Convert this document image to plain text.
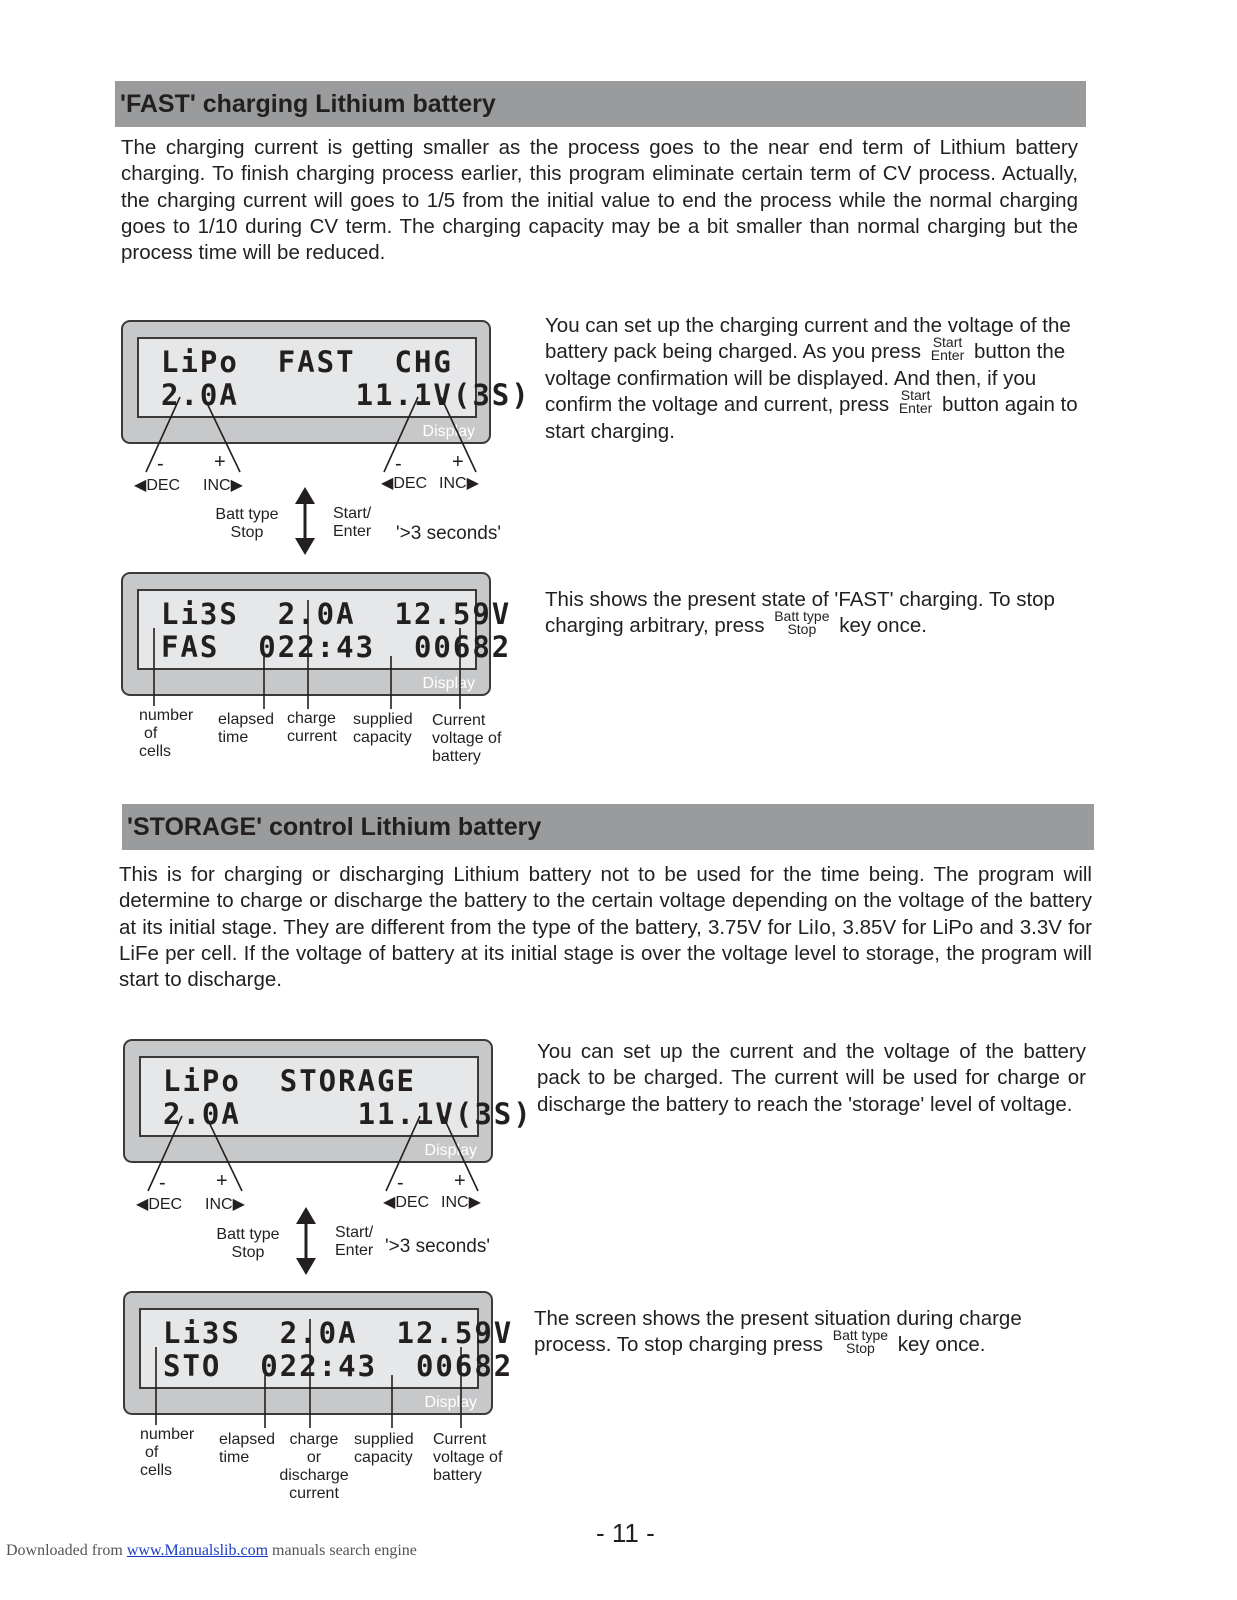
'FAST' charging Lithium battery
The charging current is getting smaller as the process goes to the near end term of Lithium battery charging. To finish charging process earlier, this program eliminate certain term of CV process. Actually, the charging current will goes to 1/5 from the initial value to end the process while the normal charging goes to 1/10 during CV term. The charging capacity may be a bit smaller than normal charging but the process time will be reduced.
LiPo  FAST  CHG
2.0A      11.1V(3S)
Display
-	+
◀DEC INC▶
-	+
◀DEC INC▶
Batt type
Stop
Start/
Enter '>3 seconds'
Li3S  2.0A  12.59V
FAS  022:43  00682
Display
number
of
cells
elapsed
time
charge
current
supplied
capacity
Current
voltage of
battery
You can set up the charging current and the voltage of the battery pack being charged. As you press Start
Enter button the voltage confirmation will be displayed. And then, if you confirm the voltage and current, press Start
Enter button again to start charging.
This shows the present state of 'FAST' charging. To stop charging arbitrary, press Batt type
Stop key once.
'STORAGE' control Lithium battery
This is for charging or discharging Lithium battery not to be used for the time being. The program will determine to charge or discharge the battery to the certain voltage depending on the voltage of the battery at its initial stage. They are different from the type of the battery, 3.75V for LiIo, 3.85V for LiPo and 3.3V for LiFe per cell. If the voltage of battery at its initial stage is over the voltage level to storage, the program will start to discharge.
LiPo  STORAGE
2.0A      11.1V(3S)
Display
-	+
◀DEC INC▶
-	+
◀DEC INC▶
Batt type
Stop
Start/
Enter '>3 seconds'
Li3S  2.0A  12.59V
STO  022:43  00682
Display
number
of
cells
elapsed
time
charge
or
discharge
current
supplied
capacity
Current
voltage of
battery
You can set up the current and the voltage of the battery pack to be charged. The current will be used for charge or discharge the battery to reach the 'storage' level of voltage.
The screen shows the present situation during charge process. To stop charging press Batt type
Stop key once.
- 11 -
Downloaded from www.Manualslib.com manuals search engine
